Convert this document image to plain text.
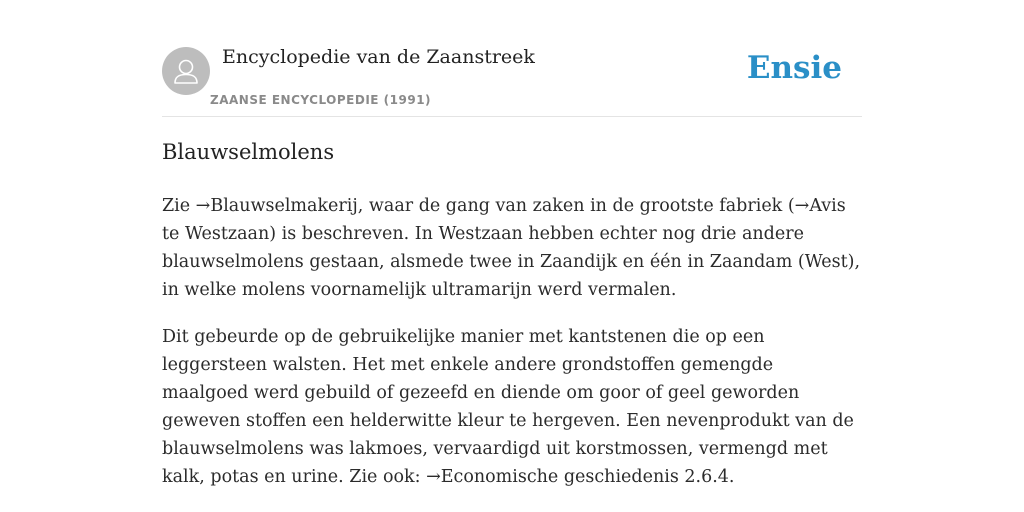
Encyclopedie van de Zaanstreek
ZAANSE ENCYCLOPEDIE (1991)
Ensie
Blauwselmolens

Zie →Blauwselmakerij, waar de gang van zaken in de grootste fabriek (→Avis te Westzaan) is beschreven. In Westzaan hebben echter nog drie andere blauwselmolens gestaan, alsmede twee in Zaandijk en één in Zaandam (West), in welke molens voornamelijk ultramarijn werd vermalen.

Dit gebeurde op de gebruikelijke manier met kantstenen die op een leggersteen walsten. Het met enkele andere grondstoffen gemengde maalgoed werd gebuild of gezeefd en diende om goor of geel geworden geweven stoffen een helderwitte kleur te hergeven. Een nevenprodukt van de blauwselmolens was lakmoes, vervaardigd uit korstmossen, vermengd met kalk, potas en urine. Zie ook: →Economische geschiedenis 2.6.4.
